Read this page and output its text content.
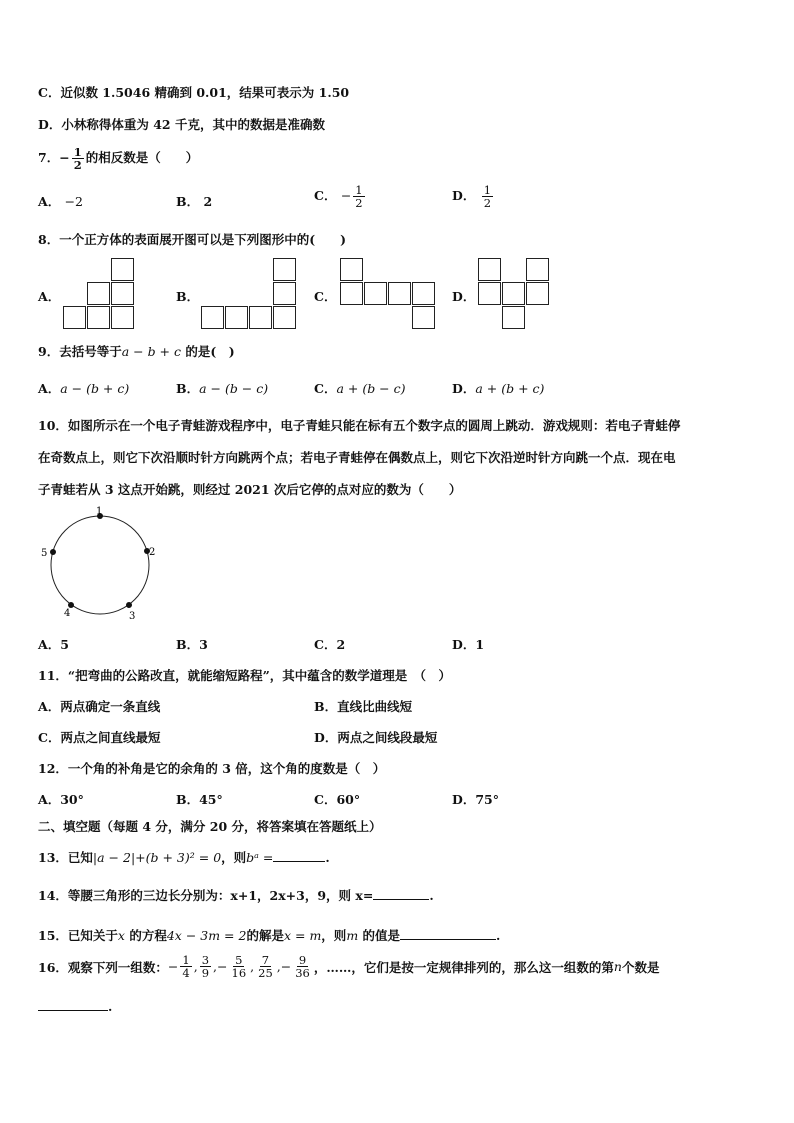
C．近似数 1.5046 精确到 0.01，结果可表示为 1.50
D．小林称得体重为 42 千克，其中的数据是准确数
7．− $\frac{1}{2}$ 的相反数是（　　）
A． −2	B． 2	C． − $\frac{1}{2}$	D． $\frac{1}{2}$
8．一个正方体的表面展开图可以是下列图形中的(　　)
A．	B．	C．	D．
9．去括号等于a − b + c 的是(　)
A．a − (b + c)	B．a − (b − c)	C．a + (b − c)	D．a + (b + c)
10．如图所示在一个电子青蛙游戏程序中，电子青蛙只能在标有五个数字点的圆周上跳动．游戏规则：若电子青蛙停
在奇数点上，则它下次沿顺时针方向跳两个点；若电子青蛙停在偶数点上，则它下次沿逆时针方向跳一个点．现在电
子青蛙若从 3 这点开始跳，则经过 2021 次后它停的点对应的数为（　　）
1
2
3
4
5
A．5	B．3	C．2	D．1
11．“把弯曲的公路改直，就能缩短路程”，其中蕴含的数学道理是　（　）
A．两点确定一条直线	B．直线比曲线短
C．两点之间直线最短	D．两点之间线段最短
12．一个角的补角是它的余角的 3 倍，这个角的度数是（　）
A．30°	B．45°	C．60°	D．75°
二、填空题（每题 4 分，满分 20 分，将答案填在答题纸上）
13．已知|a − 2|+(b + 3)² = 0，则bᵃ =	.
14．等腰三角形的三边长分别为：x+1，2x+3，9，则 x=	.
15．已知关于x 的方程4x − 3m = 2的解是x = m，则m 的值是	.
16．观察下列一组数： − $\frac{1}{4}$ , $\frac{3}{9}$ , − $\frac{5}{16}$ , $\frac{7}{25}$ , − $\frac{9}{36}$ ，……，它们是按一定规律排列的，那么这一组数的第 n 个数是
.
